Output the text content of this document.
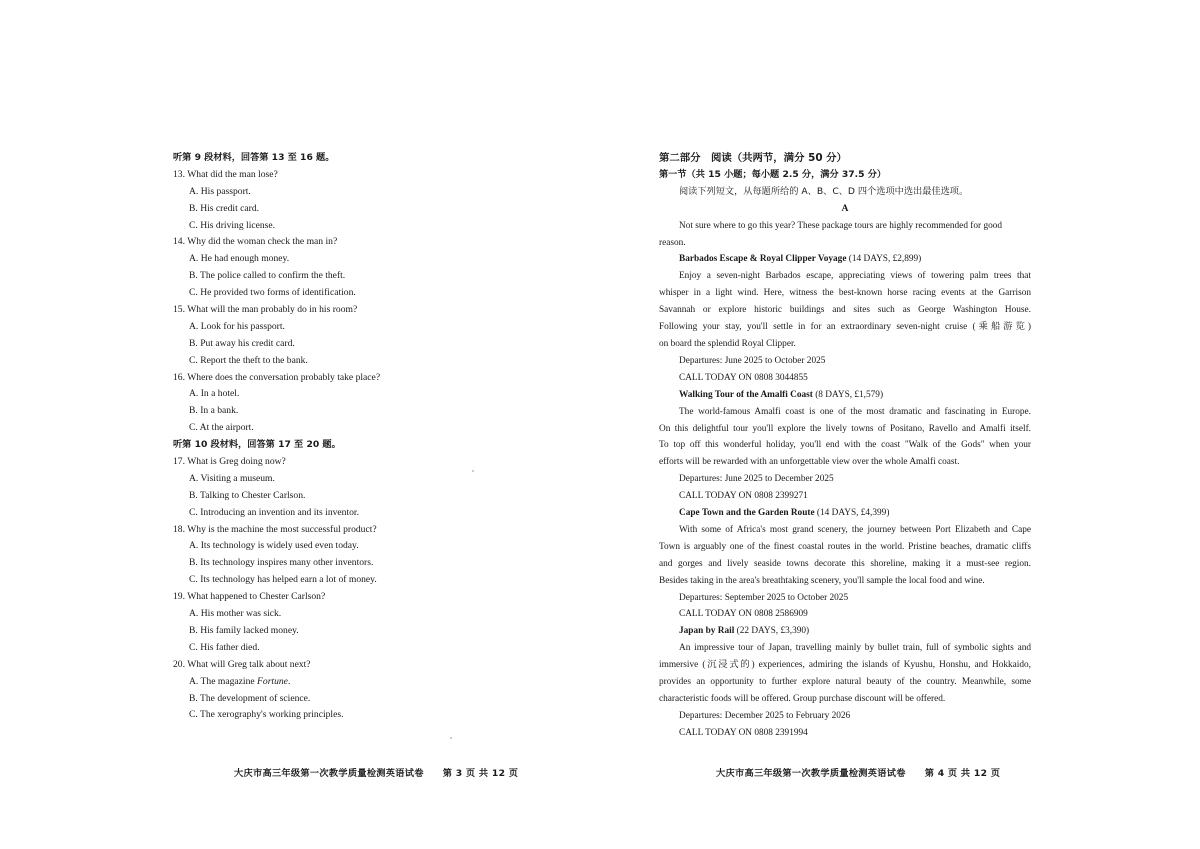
听第 9 段材料，回答第 13 至 16 题。
13. What did the man lose?
A. His passport.
B. His credit card.
C. His driving license.
14. Why did the woman check the man in?
A. He had enough money.
B. The police called to confirm the theft.
C. He provided two forms of identification.
15. What will the man probably do in his room?
A. Look for his passport.
B. Put away his credit card.
C. Report the theft to the bank.
16. Where does the conversation probably take place?
A. In a hotel.
B. In a bank.
C. At the airport.
听第 10 段材料，回答第 17 至 20 题。
17. What is Greg doing now?
A. Visiting a museum.
B. Talking to Chester Carlson.
C. Introducing an invention and its inventor.
18. Why is the machine the most successful product?
A. Its technology is widely used even today.
B. Its technology inspires many other inventors.
C. Its technology has helped earn a lot of money.
19. What happened to Chester Carlson?
A. His mother was sick.
B. His family lacked money.
C. His father died.
20. What will Greg talk about next?
A. The magazine Fortune.
B. The development of science.
C. The xerography's working principles.
第二部分　阅读（共两节，满分 50 分）
第一节（共 15 小题；每小题 2.5 分，满分 37.5 分）
阅读下列短文，从每题所给的 A、B、C、D 四个选项中选出最佳选项。
A
Not sure where to go this year? These package tours are highly recommended for good
reason.
Barbados Escape & Royal Clipper Voyage (14 DAYS, £2,899)
Enjoy a seven-night Barbados escape, appreciating views of towering palm trees that
whisper in a light wind. Here, witness the best-known horse racing events at the Garrison
Savannah or explore historic buildings and sites such as George Washington House.
Following your stay, you'll settle in for an extraordinary seven-night cruise (乘船游览)
on board the splendid Royal Clipper.
Departures: June 2025 to October 2025
CALL TODAY ON 0808 3044855
Walking Tour of the Amalfi Coast (8 DAYS, £1,579)
The world-famous Amalfi coast is one of the most dramatic and fascinating in Europe.
On this delightful tour you'll explore the lively towns of Positano, Ravello and Amalfi itself.
To top off this wonderful holiday, you'll end with the coast "Walk of the Gods" when your
efforts will be rewarded with an unforgettable view over the whole Amalfi coast.
Departures: June 2025 to December 2025
CALL TODAY ON 0808 2399271
Cape Town and the Garden Route (14 DAYS, £4,399)
With some of Africa's most grand scenery, the journey between Port Elizabeth and Cape
Town is arguably one of the finest coastal routes in the world. Pristine beaches, dramatic cliffs
and gorges and lively seaside towns decorate this shoreline, making it a must-see region.
Besides taking in the area's breathtaking scenery, you'll sample the local food and wine.
Departures: September 2025 to October 2025
CALL TODAY ON 0808 2586909
Japan by Rail (22 DAYS, £3,390)
An impressive tour of Japan, travelling mainly by bullet train, full of symbolic sights and
immersive (沉浸式的) experiences, admiring the islands of Kyushu, Honshu, and Hokkaido,
provides an opportunity to further explore natural beauty of the country. Meanwhile, some
characteristic foods will be offered. Group purchase discount will be offered.
Departures: December 2025 to February 2026
CALL TODAY ON 0808 2391994
大庆市高三年级第一次教学质量检测英语试卷　　第 3 页 共 12 页	大庆市高三年级第一次教学质量检测英语试卷　　第 4 页 共 12 页
